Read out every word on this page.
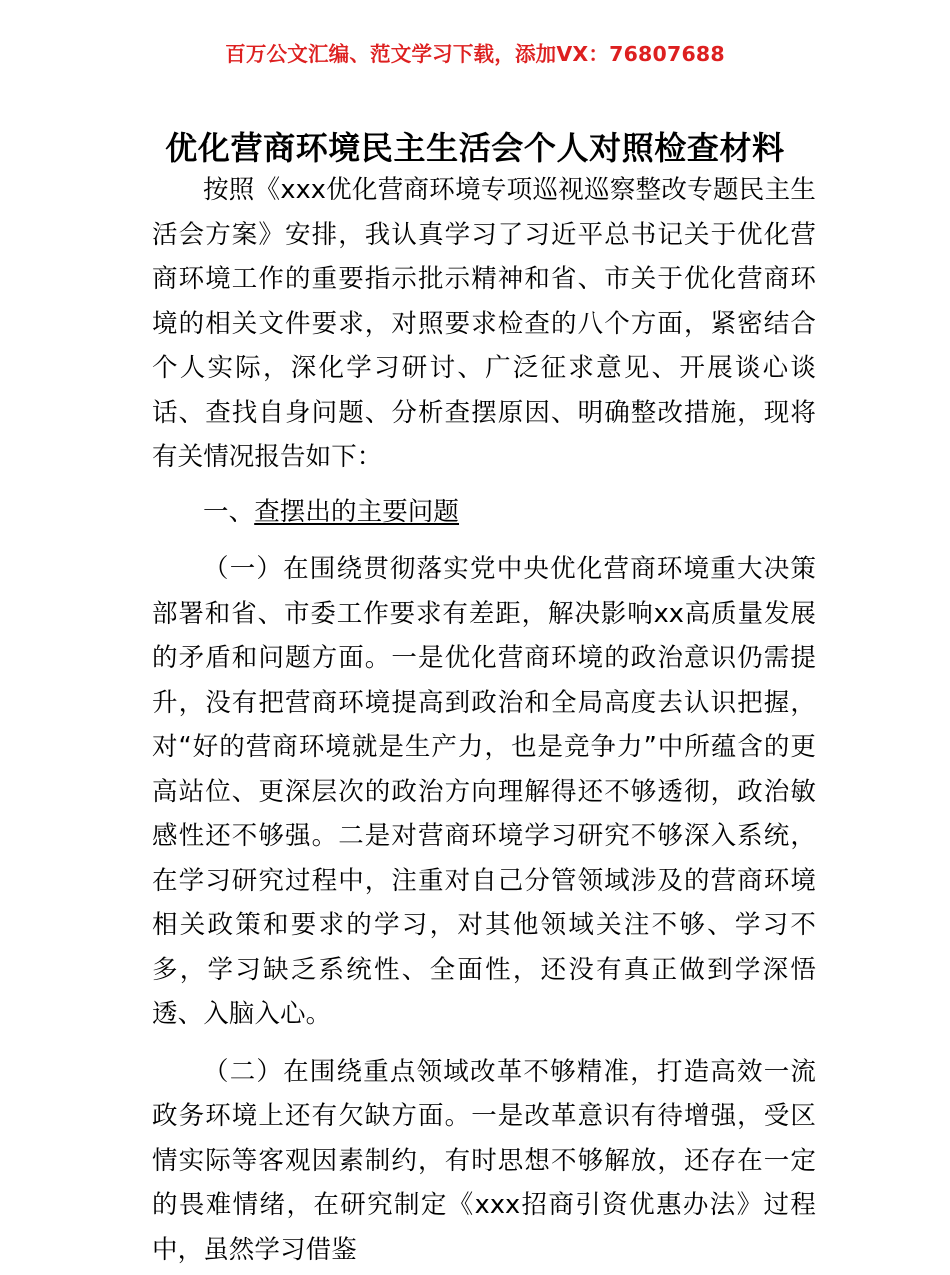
百万公文汇编、范文学习下载，添加VX：76807688
优化营商环境民主生活会个人对照检查材料

按照《xxx优化营商环境专项巡视巡察整改专题民主生活会方案》安排，我认真学习了习近平总书记关于优化营商环境工作的重要指示批示精神和省、市关于优化营商环境的相关文件要求，对照要求检查的八个方面，紧密结合个人实际，深化学习研讨、广泛征求意见、开展谈心谈话、查找自身问题、分析查摆原因、明确整改措施，现将有关情况报告如下：

一、查摆出的主要问题

（一）在围绕贯彻落实党中央优化营商环境重大决策部署和省、市委工作要求有差距，解决影响xx高质量发展的矛盾和问题方面。一是优化营商环境的政治意识仍需提升，没有把营商环境提高到政治和全局高度去认识把握，对“好的营商环境就是生产力，也是竞争力”中所蕴含的更高站位、更深层次的政治方向理解得还不够透彻，政治敏感性还不够强。二是对营商环境学习研究不够深入系统，在学习研究过程中，注重对自己分管领域涉及的营商环境相关政策和要求的学习，对其他领域关注不够、学习不多，学习缺乏系统性、全面性，还没有真正做到学深悟透、入脑入心。

（二）在围绕重点领域改革不够精准，打造高效一流政务环境上还有欠缺方面。一是改革意识有待增强，受区情实际等客观因素制约，有时思想不够解放，还存在一定的畏难情绪，在研究制定《xxx招商引资优惠办法》过程中，虽然学习借鉴
